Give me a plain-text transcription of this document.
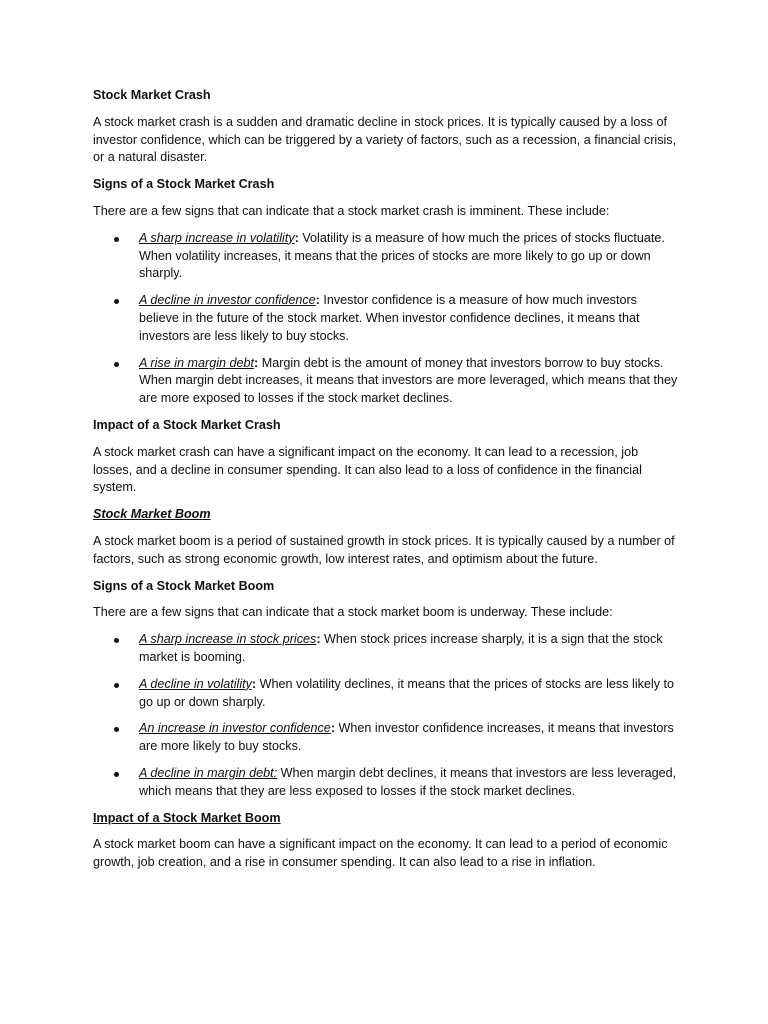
Stock Market Crash

A stock market crash is a sudden and dramatic decline in stock prices. It is typically caused by a loss of investor confidence, which can be triggered by a variety of factors, such as a recession, a financial crisis, or a natural disaster.

Signs of a Stock Market Crash

There are a few signs that can indicate that a stock market crash is imminent. These include:

A sharp increase in volatility: Volatility is a measure of how much the prices of stocks fluctuate. When volatility increases, it means that the prices of stocks are more likely to go up or down sharply.
A decline in investor confidence: Investor confidence is a measure of how much investors believe in the future of the stock market. When investor confidence declines, it means that investors are less likely to buy stocks.
A rise in margin debt: Margin debt is the amount of money that investors borrow to buy stocks. When margin debt increases, it means that investors are more leveraged, which means that they are more exposed to losses if the stock market declines.
Impact of a Stock Market Crash

A stock market crash can have a significant impact on the economy. It can lead to a recession, job losses, and a decline in consumer spending. It can also lead to a loss of confidence in the financial system.

Stock Market Boom

A stock market boom is a period of sustained growth in stock prices. It is typically caused by a number of factors, such as strong economic growth, low interest rates, and optimism about the future.

Signs of a Stock Market Boom

There are a few signs that can indicate that a stock market boom is underway. These include:

A sharp increase in stock prices: When stock prices increase sharply, it is a sign that the stock market is booming.
A decline in volatility: When volatility declines, it means that the prices of stocks are less likely to go up or down sharply.
An increase in investor confidence: When investor confidence increases, it means that investors are more likely to buy stocks.
A decline in margin debt: When margin debt declines, it means that investors are less leveraged, which means that they are less exposed to losses if the stock market declines.
Impact of a Stock Market Boom

A stock market boom can have a significant impact on the economy. It can lead to a period of economic growth, job creation, and a rise in consumer spending. It can also lead to a rise in inflation.
